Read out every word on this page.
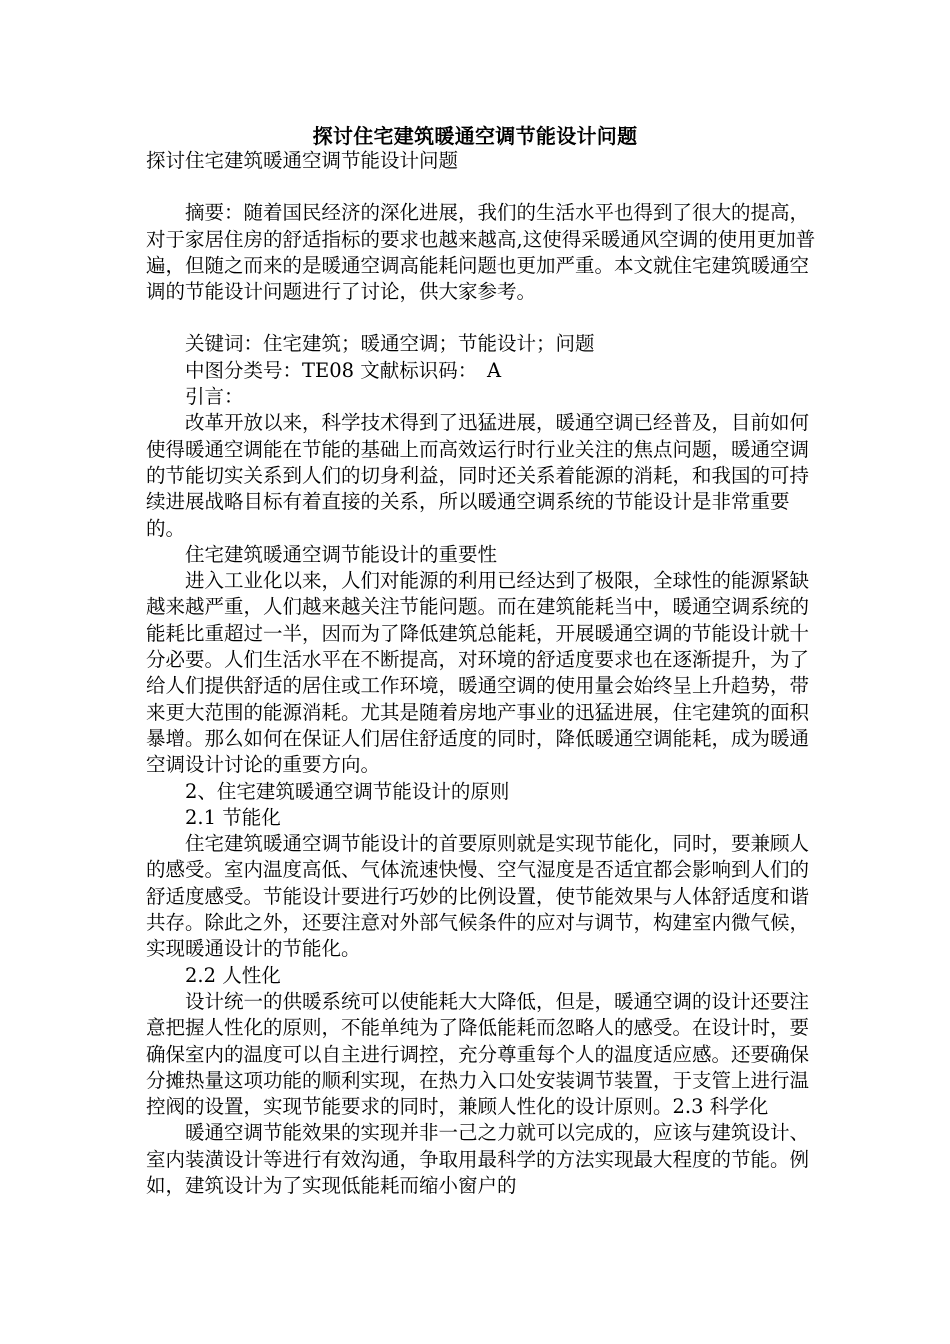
探讨住宅建筑暖通空调节能设计问题

探讨住宅建筑暖通空调节能设计问题

　　摘要：随着国民经济的深化进展，我们的生活水平也得到了很大的提高，对于家居住房的舒适指标的要求也越来越高,这使得采暖通风空调的使用更加普遍，但随之而来的是暖通空调高能耗问题也更加严重。本文就住宅建筑暖通空调的节能设计问题进行了讨论，供大家参考。

　　关键词：住宅建筑；暖通空调；节能设计；问题

　　中图分类号：TE08 文献标识码：　A

　　引言：

　　改革开放以来，科学技术得到了迅猛进展，暖通空调已经普及，目前如何使得暖通空调能在节能的基础上而高效运行时行业关注的焦点问题，暖通空调的节能切实关系到人们的切身利益，同时还关系着能源的消耗，和我国的可持续进展战略目标有着直接的关系，所以暖通空调系统的节能设计是非常重要的。

　　住宅建筑暖通空调节能设计的重要性

　　进入工业化以来，人们对能源的利用已经达到了极限，全球性的能源紧缺越来越严重，人们越来越关注节能问题。而在建筑能耗当中，暖通空调系统的能耗比重超过一半，因而为了降低建筑总能耗，开展暖通空调的节能设计就十分必要。人们生活水平在不断提高，对环境的舒适度要求也在逐渐提升，为了给人们提供舒适的居住或工作环境，暖通空调的使用量会始终呈上升趋势，带来更大范围的能源消耗。尤其是随着房地产事业的迅猛进展，住宅建筑的面积暴增。那么如何在保证人们居住舒适度的同时，降低暖通空调能耗，成为暖通空调设计讨论的重要方向。

　　2、住宅建筑暖通空调节能设计的原则

　　2.1 节能化

　　住宅建筑暖通空调节能设计的首要原则就是实现节能化，同时，要兼顾人的感受。室内温度高低、气体流速快慢、空气湿度是否适宜都会影响到人们的舒适度感受。节能设计要进行巧妙的比例设置，使节能效果与人体舒适度和谐共存。除此之外，还要注意对外部气候条件的应对与调节，构建室内微气候，实现暖通设计的节能化。

　　2.2 人性化

　　设计统一的供暖系统可以使能耗大大降低，但是，暖通空调的设计还要注意把握人性化的原则，不能单纯为了降低能耗而忽略人的感受。在设计时，要确保室内的温度可以自主进行调控，充分尊重每个人的温度适应感。还要确保分摊热量这项功能的顺利实现，在热力入口处安装调节装置，于支管上进行温控阀的设置，实现节能要求的同时，兼顾人性化的设计原则。2.3 科学化

　　暖通空调节能效果的实现并非一己之力就可以完成的，应该与建筑设计、室内装潢设计等进行有效沟通，争取用最科学的方法实现最大程度的节能。例如，建筑设计为了实现低能耗而缩小窗户的
